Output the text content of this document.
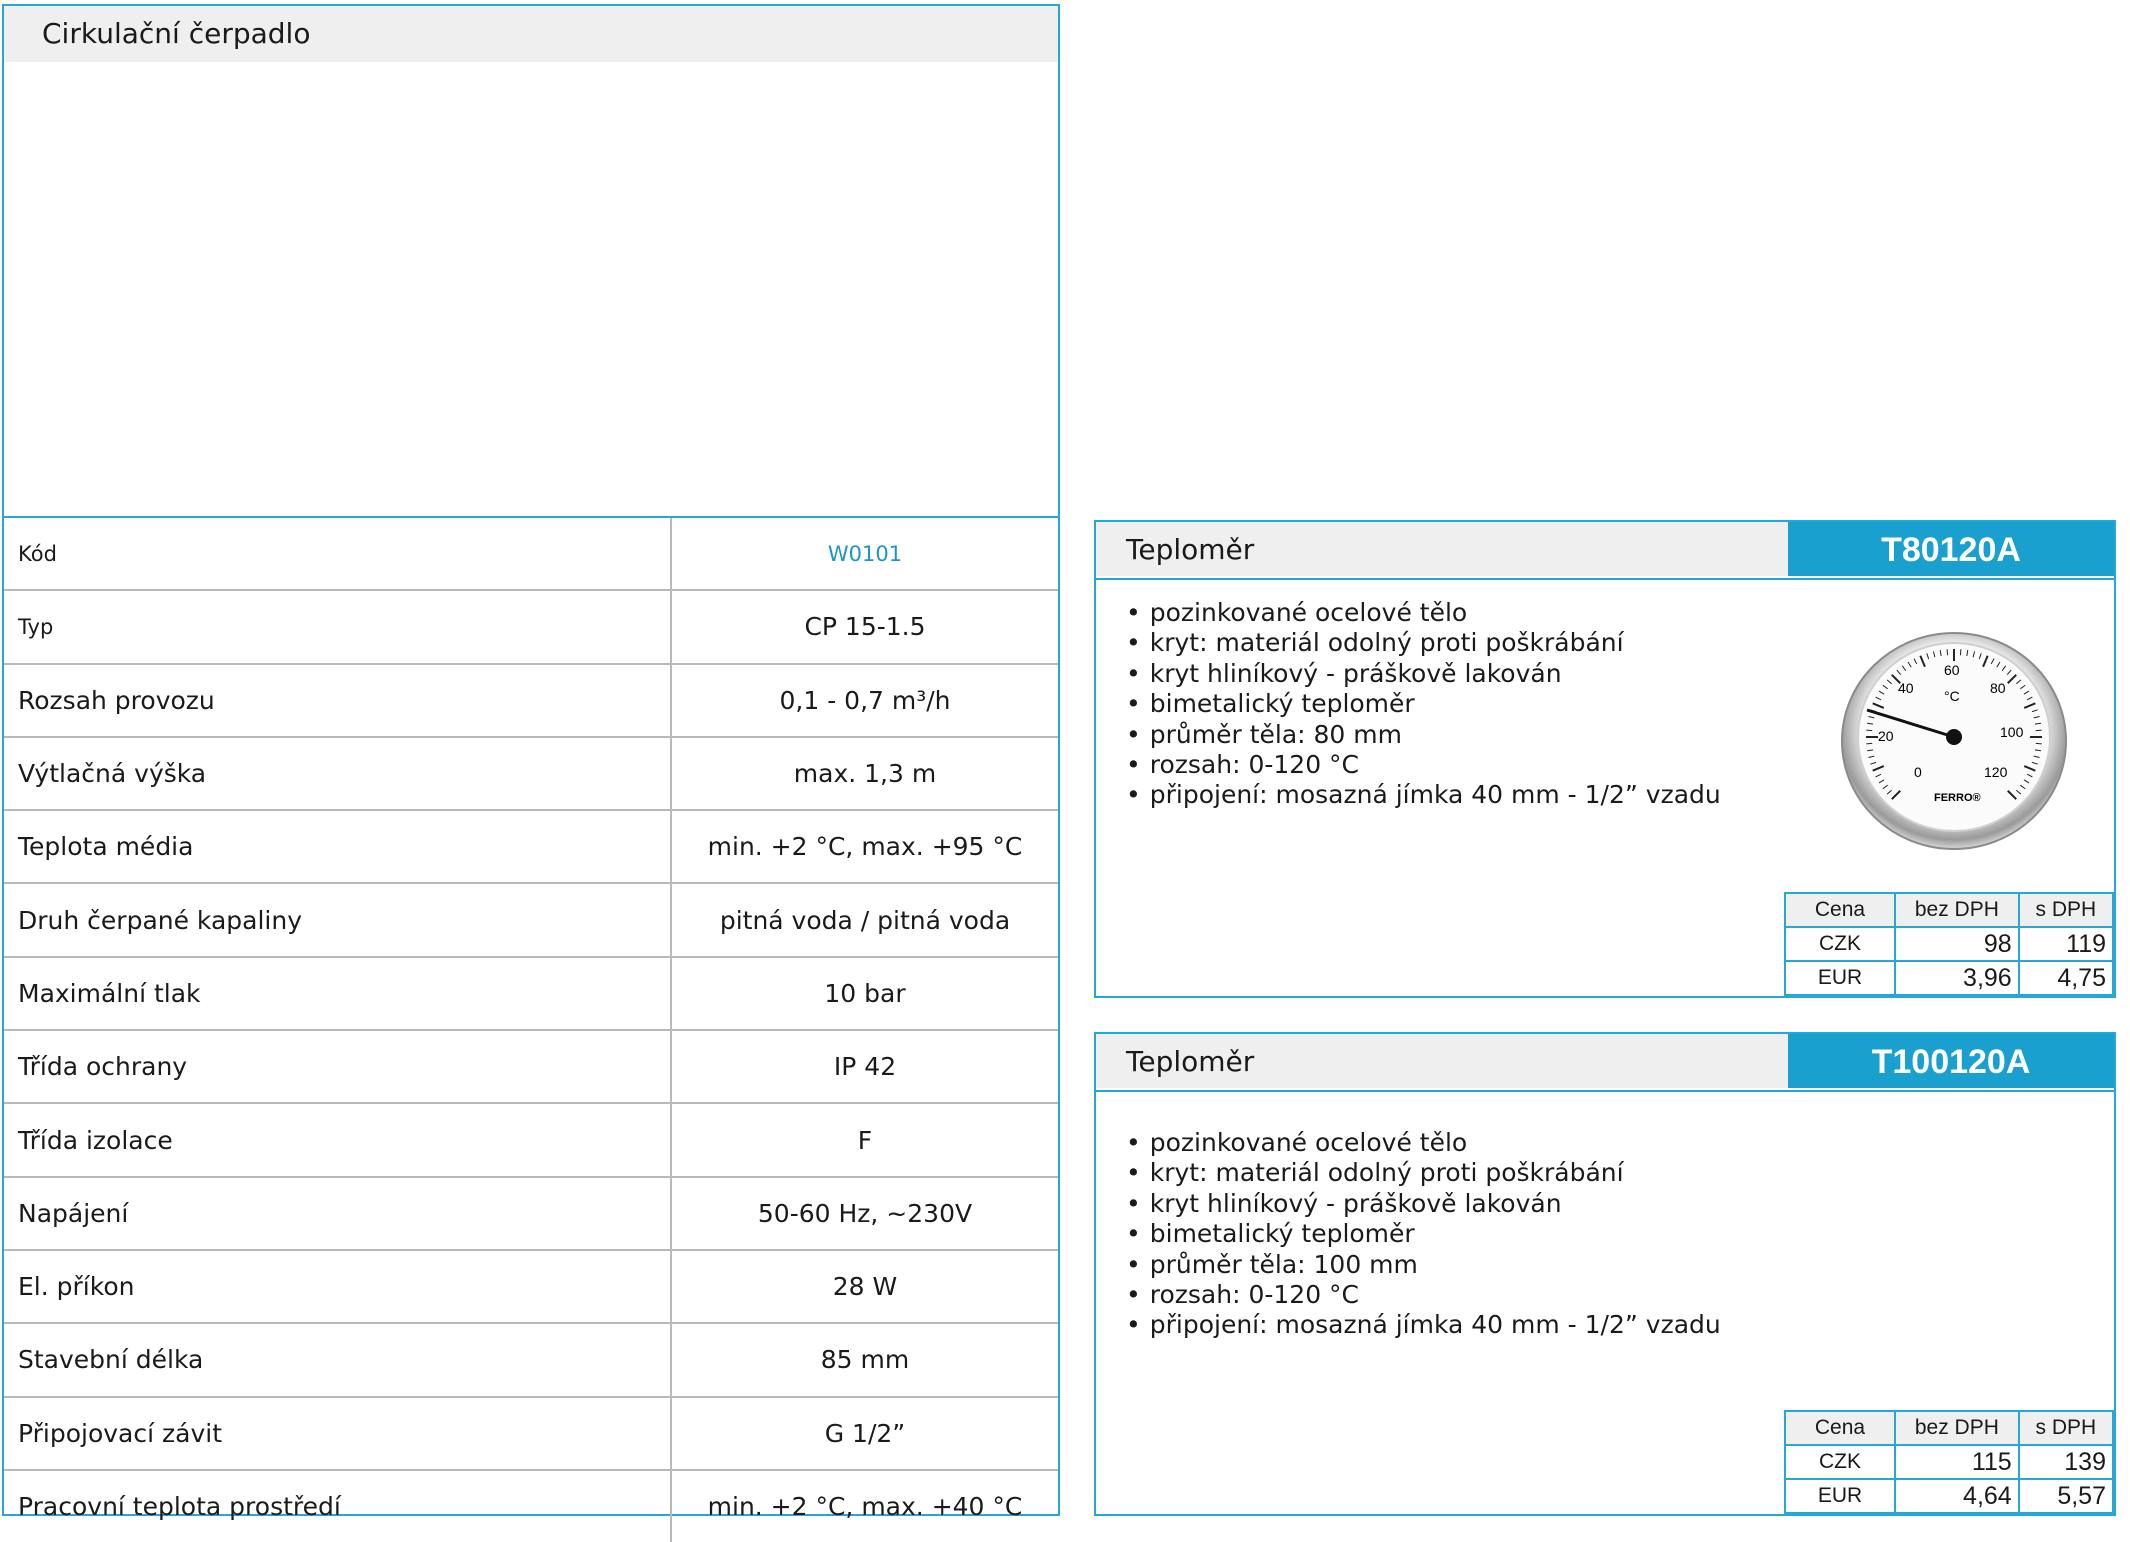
Cirkulační čerpadlo
Kód	W0101
Typ	CP 15-1.5
Rozsah provozu	0,1 - 0,7 m³/h
Výtlačná výška	max. 1,3 m
Teplota média	min. +2 °C, max. +95 °C
Druh čerpané kapaliny	pitná voda / pitná voda
Maximální tlak	10 bar
Třída ochrany	IP 42
Třída izolace	F
Napájení	50-60 Hz, ~230V
El. příkon	28 W
Stavební délka	85 mm
Připojovací závit	G 1/2”
Pracovní teplota prostředí	min. +2 °C, max. +40 °C
Teploměr	T80120A
• pozinkované ocelové tělo
• kryt: materiál odolný proti poškrábání
• kryt hliníkový - práškově lakován
• bimetalický teploměr
• průměr těla: 80 mm
• rozsah: 0-120 °C
• připojení: mosazná jímka 40 mm - 1/2” vzadu
0
20
40
60
80
100
120
°C
FERRO®
Cena	bez DPH	s DPH
CZK	98	119
EUR	3,96	4,75
Teploměr	T100120A
• pozinkované ocelové tělo
• kryt: materiál odolný proti poškrábání
• kryt hliníkový - práškově lakován
• bimetalický teploměr
• průměr těla: 100 mm
• rozsah: 0-120 °C
• připojení: mosazná jímka 40 mm - 1/2” vzadu
Cena	bez DPH	s DPH
CZK	115	139
EUR	4,64	5,57
